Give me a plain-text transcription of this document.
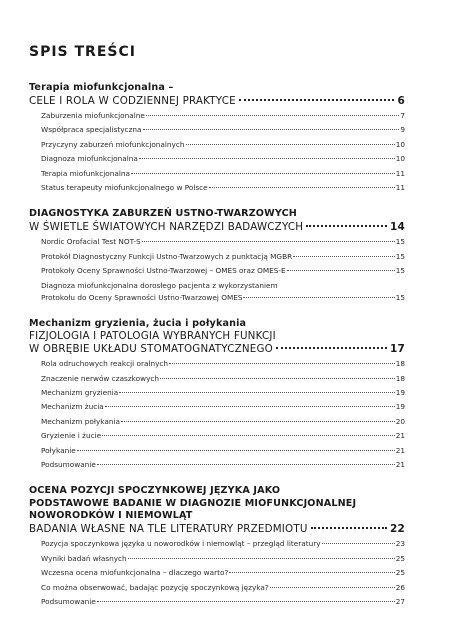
SPIS TREŚCI
Terapia miofunkcjonalna –
CELE I ROLA W CODZIENNEJ PRAKTYCE	6
Zaburzenia miofunkcjonalne	7
Współpraca specjalistyczna	9
Przyczyny zaburzeń miofunkcjonalnych	10
Diagnoza miofunkcjonalna	10
Terapia miofunkcjonalna	11
Status terapeuty miofunkcjonalnego w Polsce	11
DIAGNOSTYKA ZABURZEŃ USTNO-TWARZOWYCH
W ŚWIETLE ŚWIATOWYCH NARZĘDZI BADAWCZYCH	14
Nordic Orofacial Test NOT-S	15
Protokół Diagnostyczny Funkcji Ustno-Twarzowych z punktacją MGBR	15
Protokoły Oceny Sprawności Ustno-Twarzowej – OMES oraz OMES-E	15
Diagnoza miofunkcjonalna dorosłego pacjenta z wykorzystaniem
Protokołu do Oceny Sprawności Ustno-Twarzowej OMES	15
Mechanizm gryzienia, żucia i połykania
FIZJOLOGIA I PATOLOGIA WYBRANYCH FUNKCJI
W OBRĘBIE UKŁADU STOMATOGNATYCZNEGO	17
Rola odruchowych reakcji oralnych	18
Znaczenie nerwów czaszkowych	18
Mechanizm gryzienia	19
Mechanizm żucia	19
Mechanizm połykania	20
Gryzienie i żucie	21
Połykanie	21
Podsumowanie	21
OCENA POZYCJI SPOCZYNKOWEJ JĘZYKA JAKO
PODSTAWOWE BADANIE W DIAGNOZIE MIOFUNKCJONALNEJ
NOWORODKÓW I NIEMOWLĄT
BADANIA WŁASNE NA TLE LITERATURY PRZEDMIOTU	22
Pozycja spoczynkowa języka u noworodków i niemowląt – przegląd literatury	23
Wyniki badań własnych	25
Wczesna ocena miofunkcjonalna – dlaczego warto?	25
Co można obserwować, badając pozycję spoczynkową języka?	26
Podsumowanie	27
